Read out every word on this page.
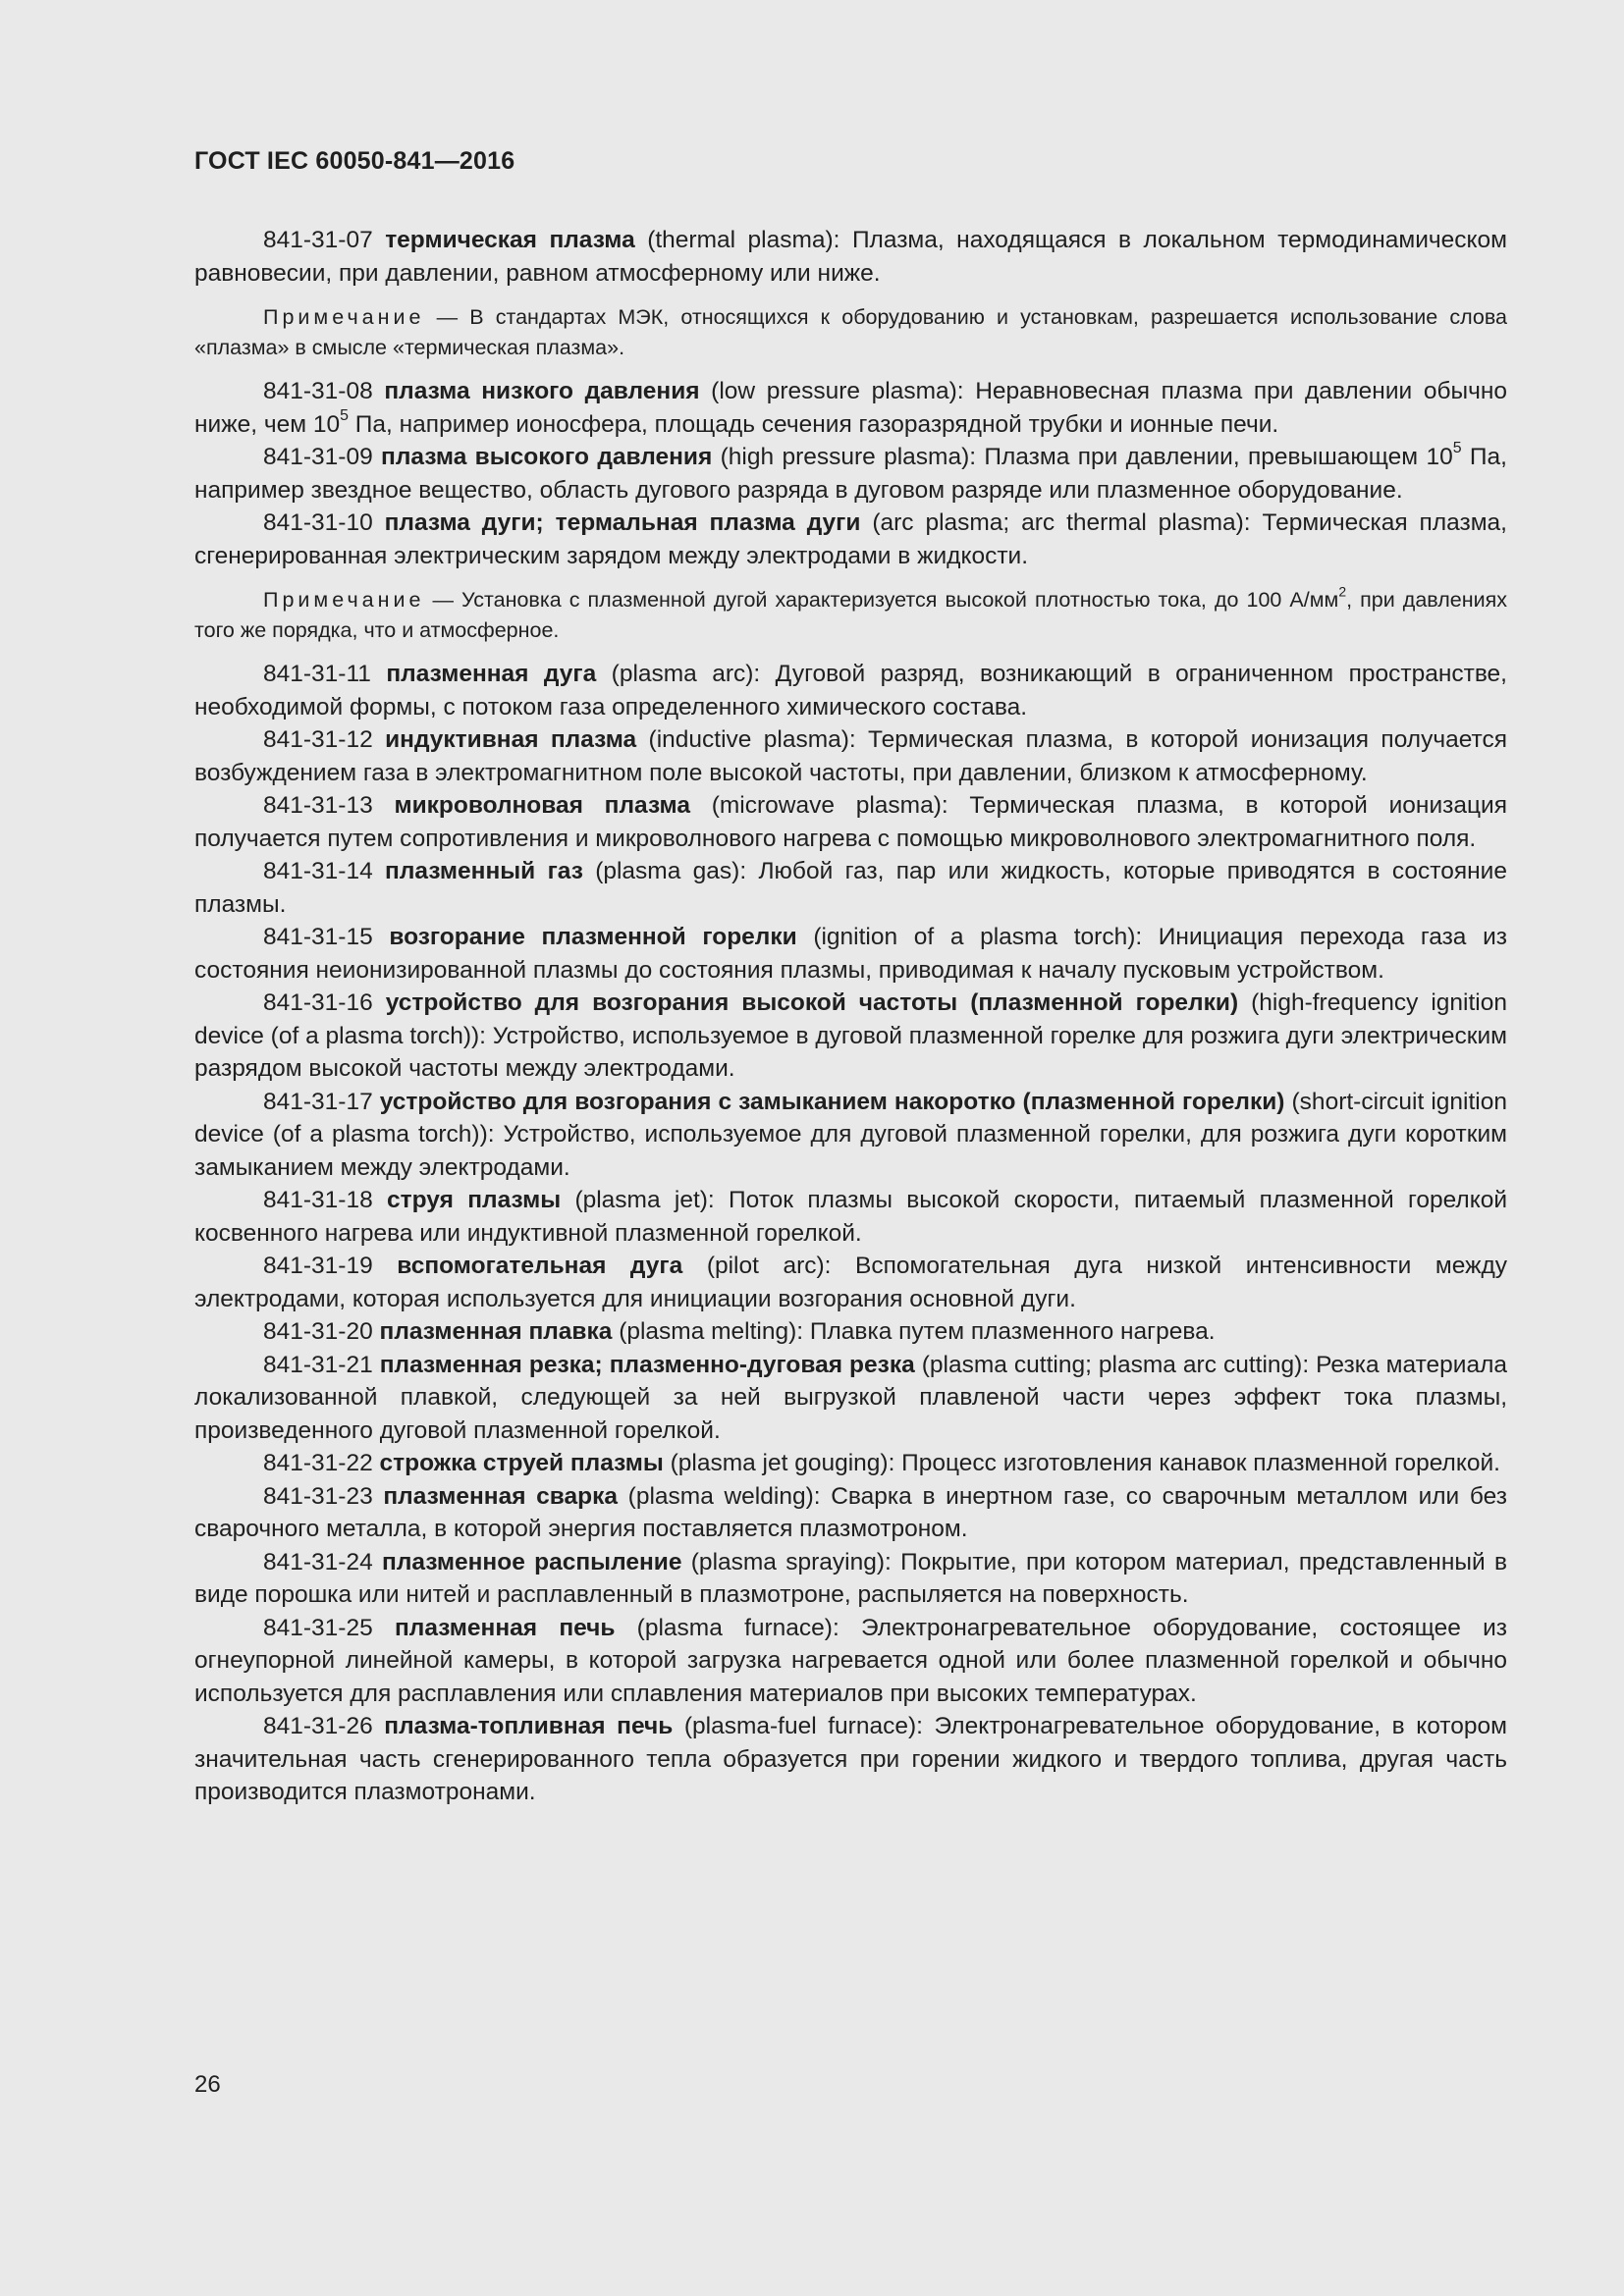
ГОСТ IEC 60050-841—2016

841-31-07 термическая плазма (thermal plasma): Плазма, находящаяся в локальном термодинамическом равновесии, при давлении, равном атмосферному или ниже.

Примечание — В стандартах МЭК, относящихся к оборудованию и установкам, разрешается использование слова «плазма» в смысле «термическая плазма».

841-31-08 плазма низкого давления (low pressure plasma): Неравновесная плазма при давлении обычно ниже, чем $10^5$ Па, например ионосфера, площадь сечения газоразрядной трубки и ионные печи.

841-31-09 плазма высокого давления (high pressure plasma): Плазма при давлении, превышающем $10^5$ Па, например звездное вещество, область дугового разряда в дуговом разряде или плазменное оборудование.

841-31-10 плазма дуги; термальная плазма дуги (arc plasma; arc thermal plasma): Термическая плазма, сгенерированная электрическим зарядом между электродами в жидкости.

Примечание — Установка с плазменной дугой характеризуется высокой плотностью тока, до 100 $А/мм^2$, при давлениях того же порядка, что и атмосферное.

841-31-11 плазменная дуга (plasma arc): Дуговой разряд, возникающий в ограниченном пространстве, необходимой формы, с потоком газа определенного химического состава.

841-31-12 индуктивная плазма (inductive plasma): Термическая плазма, в которой ионизация получается возбуждением газа в электромагнитном поле высокой частоты, при давлении, близком к атмосферному.

841-31-13 микроволновая плазма (microwave plasma): Термическая плазма, в которой ионизация получается путем сопротивления и микроволнового нагрева с помощью микроволнового электромагнитного поля.

841-31-14 плазменный газ (plasma gas): Любой газ, пар или жидкость, которые приводятся в состояние плазмы.

841-31-15 возгорание плазменной горелки (ignition of a plasma torch): Инициация перехода газа из состояния неионизированной плазмы до состояния плазмы, приводимая к началу пусковым устройством.

841-31-16 устройство для возгорания высокой частоты (плазменной горелки) (high-frequency ignition device (of a plasma torch)): Устройство, используемое в дуговой плазменной горелке для розжига дуги электрическим разрядом высокой частоты между электродами.

841-31-17 устройство для возгорания с замыканием накоротко (плазменной горелки) (short-circuit ignition device (of a plasma torch)): Устройство, используемое для дуговой плазменной горелки, для розжига дуги коротким замыканием между электродами.

841-31-18 струя плазмы (plasma jet): Поток плазмы высокой скорости, питаемый плазменной горелкой косвенного нагрева или индуктивной плазменной горелкой.

841-31-19 вспомогательная дуга (pilot arc): Вспомогательная дуга низкой интенсивности между электродами, которая используется для инициации возгорания основной дуги.

841-31-20 плазменная плавка (plasma melting): Плавка путем плазменного нагрева.

841-31-21 плазменная резка; плазменно-дуговая резка (plasma cutting; plasma arc cutting): Резка материала локализованной плавкой, следующей за ней выгрузкой плавленой части через эффект тока плазмы, произведенного дуговой плазменной горелкой.

841-31-22 строжка струей плазмы (plasma jet gouging): Процесс изготовления канавок плазменной горелкой.

841-31-23 плазменная сварка (plasma welding): Сварка в инертном газе, со сварочным металлом или без сварочного металла, в которой энергия поставляется плазмотроном.

841-31-24 плазменное распыление (plasma spraying): Покрытие, при котором материал, представленный в виде порошка или нитей и расплавленный в плазмотроне, распыляется на поверхность.

841-31-25 плазменная печь (plasma furnace): Электронагревательное оборудование, состоящее из огнеупорной линейной камеры, в которой загрузка нагревается одной или более плазменной горелкой и обычно используется для расплавления или сплавления материалов при высоких температурах.

841-31-26 плазма-топливная печь (plasma-fuel furnace): Электронагревательное оборудование, в котором значительная часть сгенерированного тепла образуется при горении жидкого и твердого топлива, другая часть производится плазмотронами.

26
